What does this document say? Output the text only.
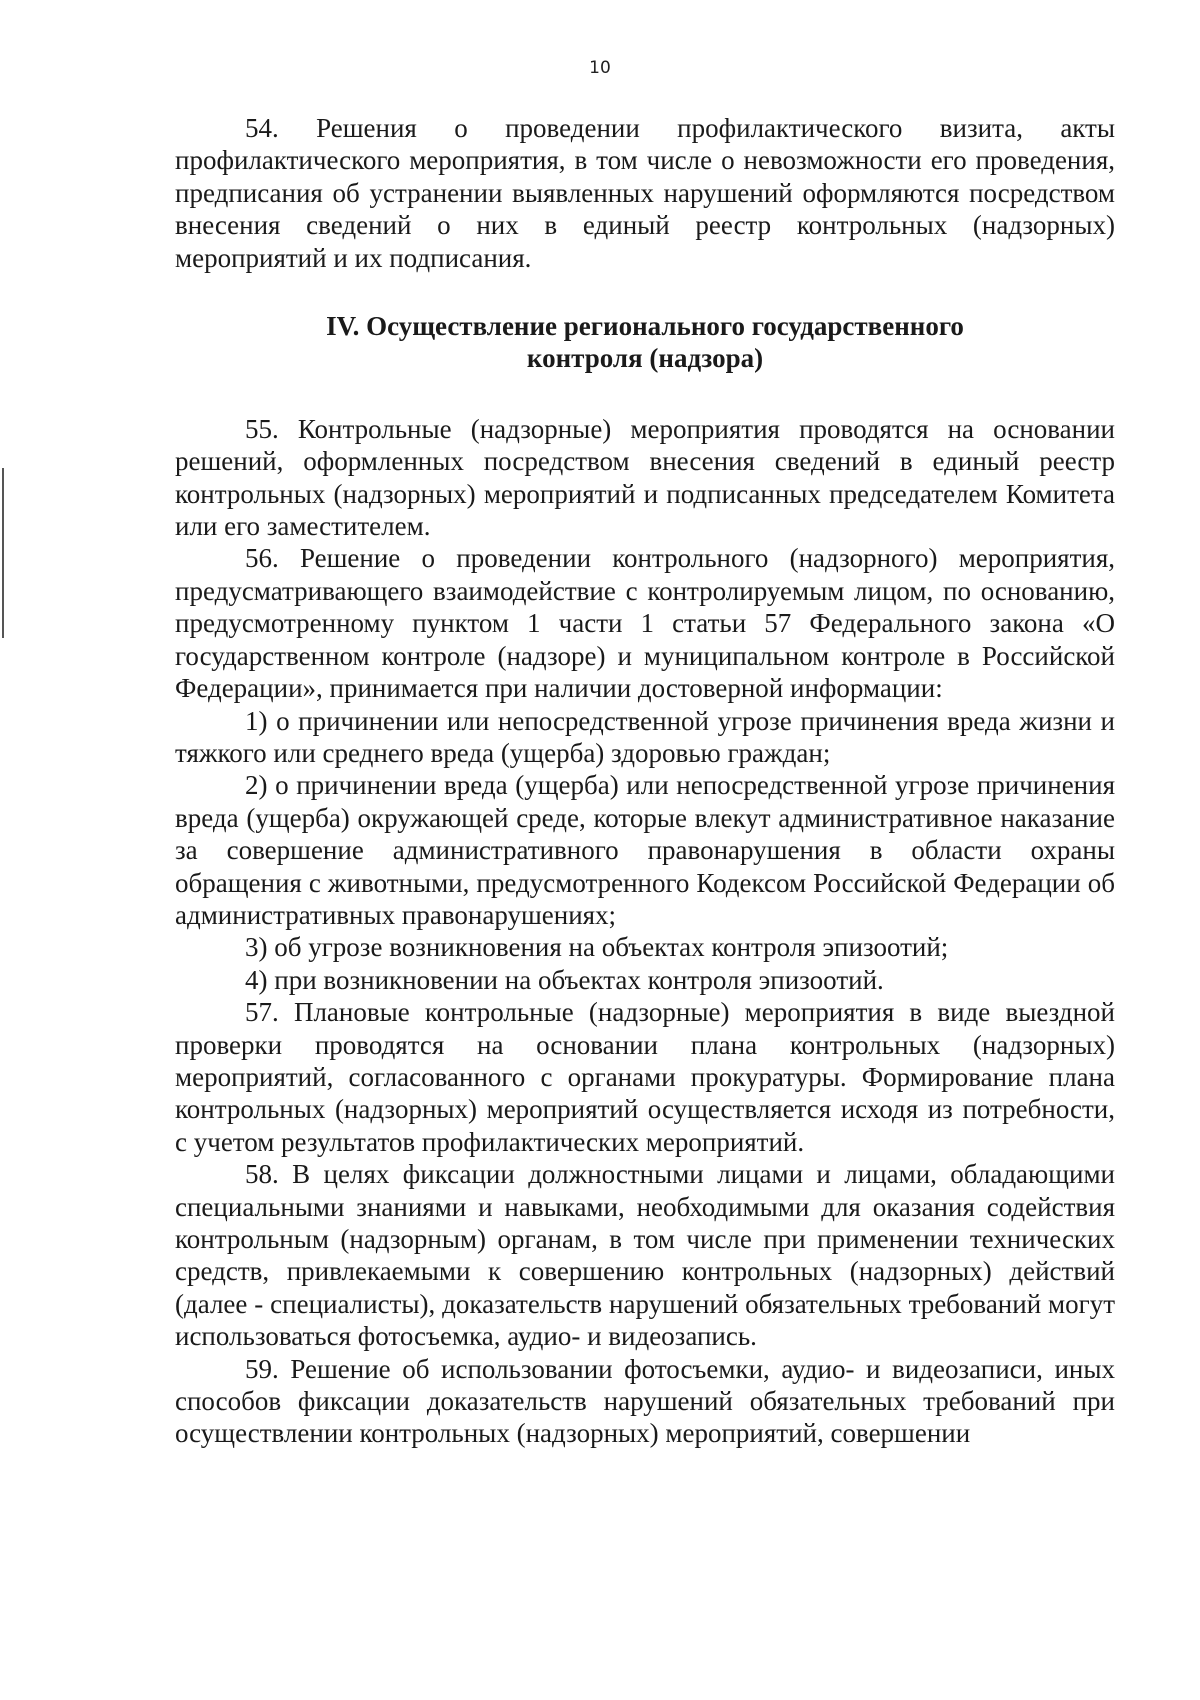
10

54. Решения о проведении профилактического визита, акты профилактического мероприятия, в том числе о невозможности его проведения, предписания об устранении выявленных нарушений оформляются посредством внесения сведений о них в единый реестр контрольных (надзорных) мероприятий и их подписания.

IV. Осуществление регионального государственного
контроля (надзора)

55. Контрольные (надзорные) мероприятия проводятся на основании решений, оформленных посредством внесения сведений в единый реестр контрольных (надзорных) мероприятий и подписанных председателем Комитета или его заместителем.

56. Решение о проведении контрольного (надзорного) мероприятия, предусматривающего взаимодействие с контролируемым лицом, по основанию, предусмотренному пунктом 1 части 1 статьи 57 Федерального закона «О государственном контроле (надзоре) и муниципальном контроле в Российской Федерации», принимается при наличии достоверной информации:

1) о причинении или непосредственной угрозе причинения вреда жизни и тяжкого или среднего вреда (ущерба) здоровью граждан;

2) о причинении вреда (ущерба) или непосредственной угрозе причинения вреда (ущерба) окружающей среде, которые влекут административное наказание за совершение административного правонарушения в области охраны обращения с животными, предусмотренного Кодексом Российской Федерации об административных правонарушениях;

3) об угрозе возникновения на объектах контроля эпизоотий;

4) при возникновении на объектах контроля эпизоотий.

57. Плановые контрольные (надзорные) мероприятия в виде выездной проверки проводятся на основании плана контрольных (надзорных) мероприятий, согласованного с органами прокуратуры. Формирование плана контрольных (надзорных) мероприятий осуществляется исходя из потребности, с учетом результатов профилактических мероприятий.

58. В целях фиксации должностными лицами и лицами, обладающими специальными знаниями и навыками, необходимыми для оказания содействия контрольным (надзорным) органам, в том числе при применении технических средств, привлекаемыми к совершению контрольных (надзорных) действий (далее - специалисты), доказательств нарушений обязательных требований могут использоваться фотосъемка, аудио- и видеозапись.

59. Решение об использовании фотосъемки, аудио- и видеозаписи, иных способов фиксации доказательств нарушений обязательных требований при осуществлении контрольных (надзорных) мероприятий, совершении
